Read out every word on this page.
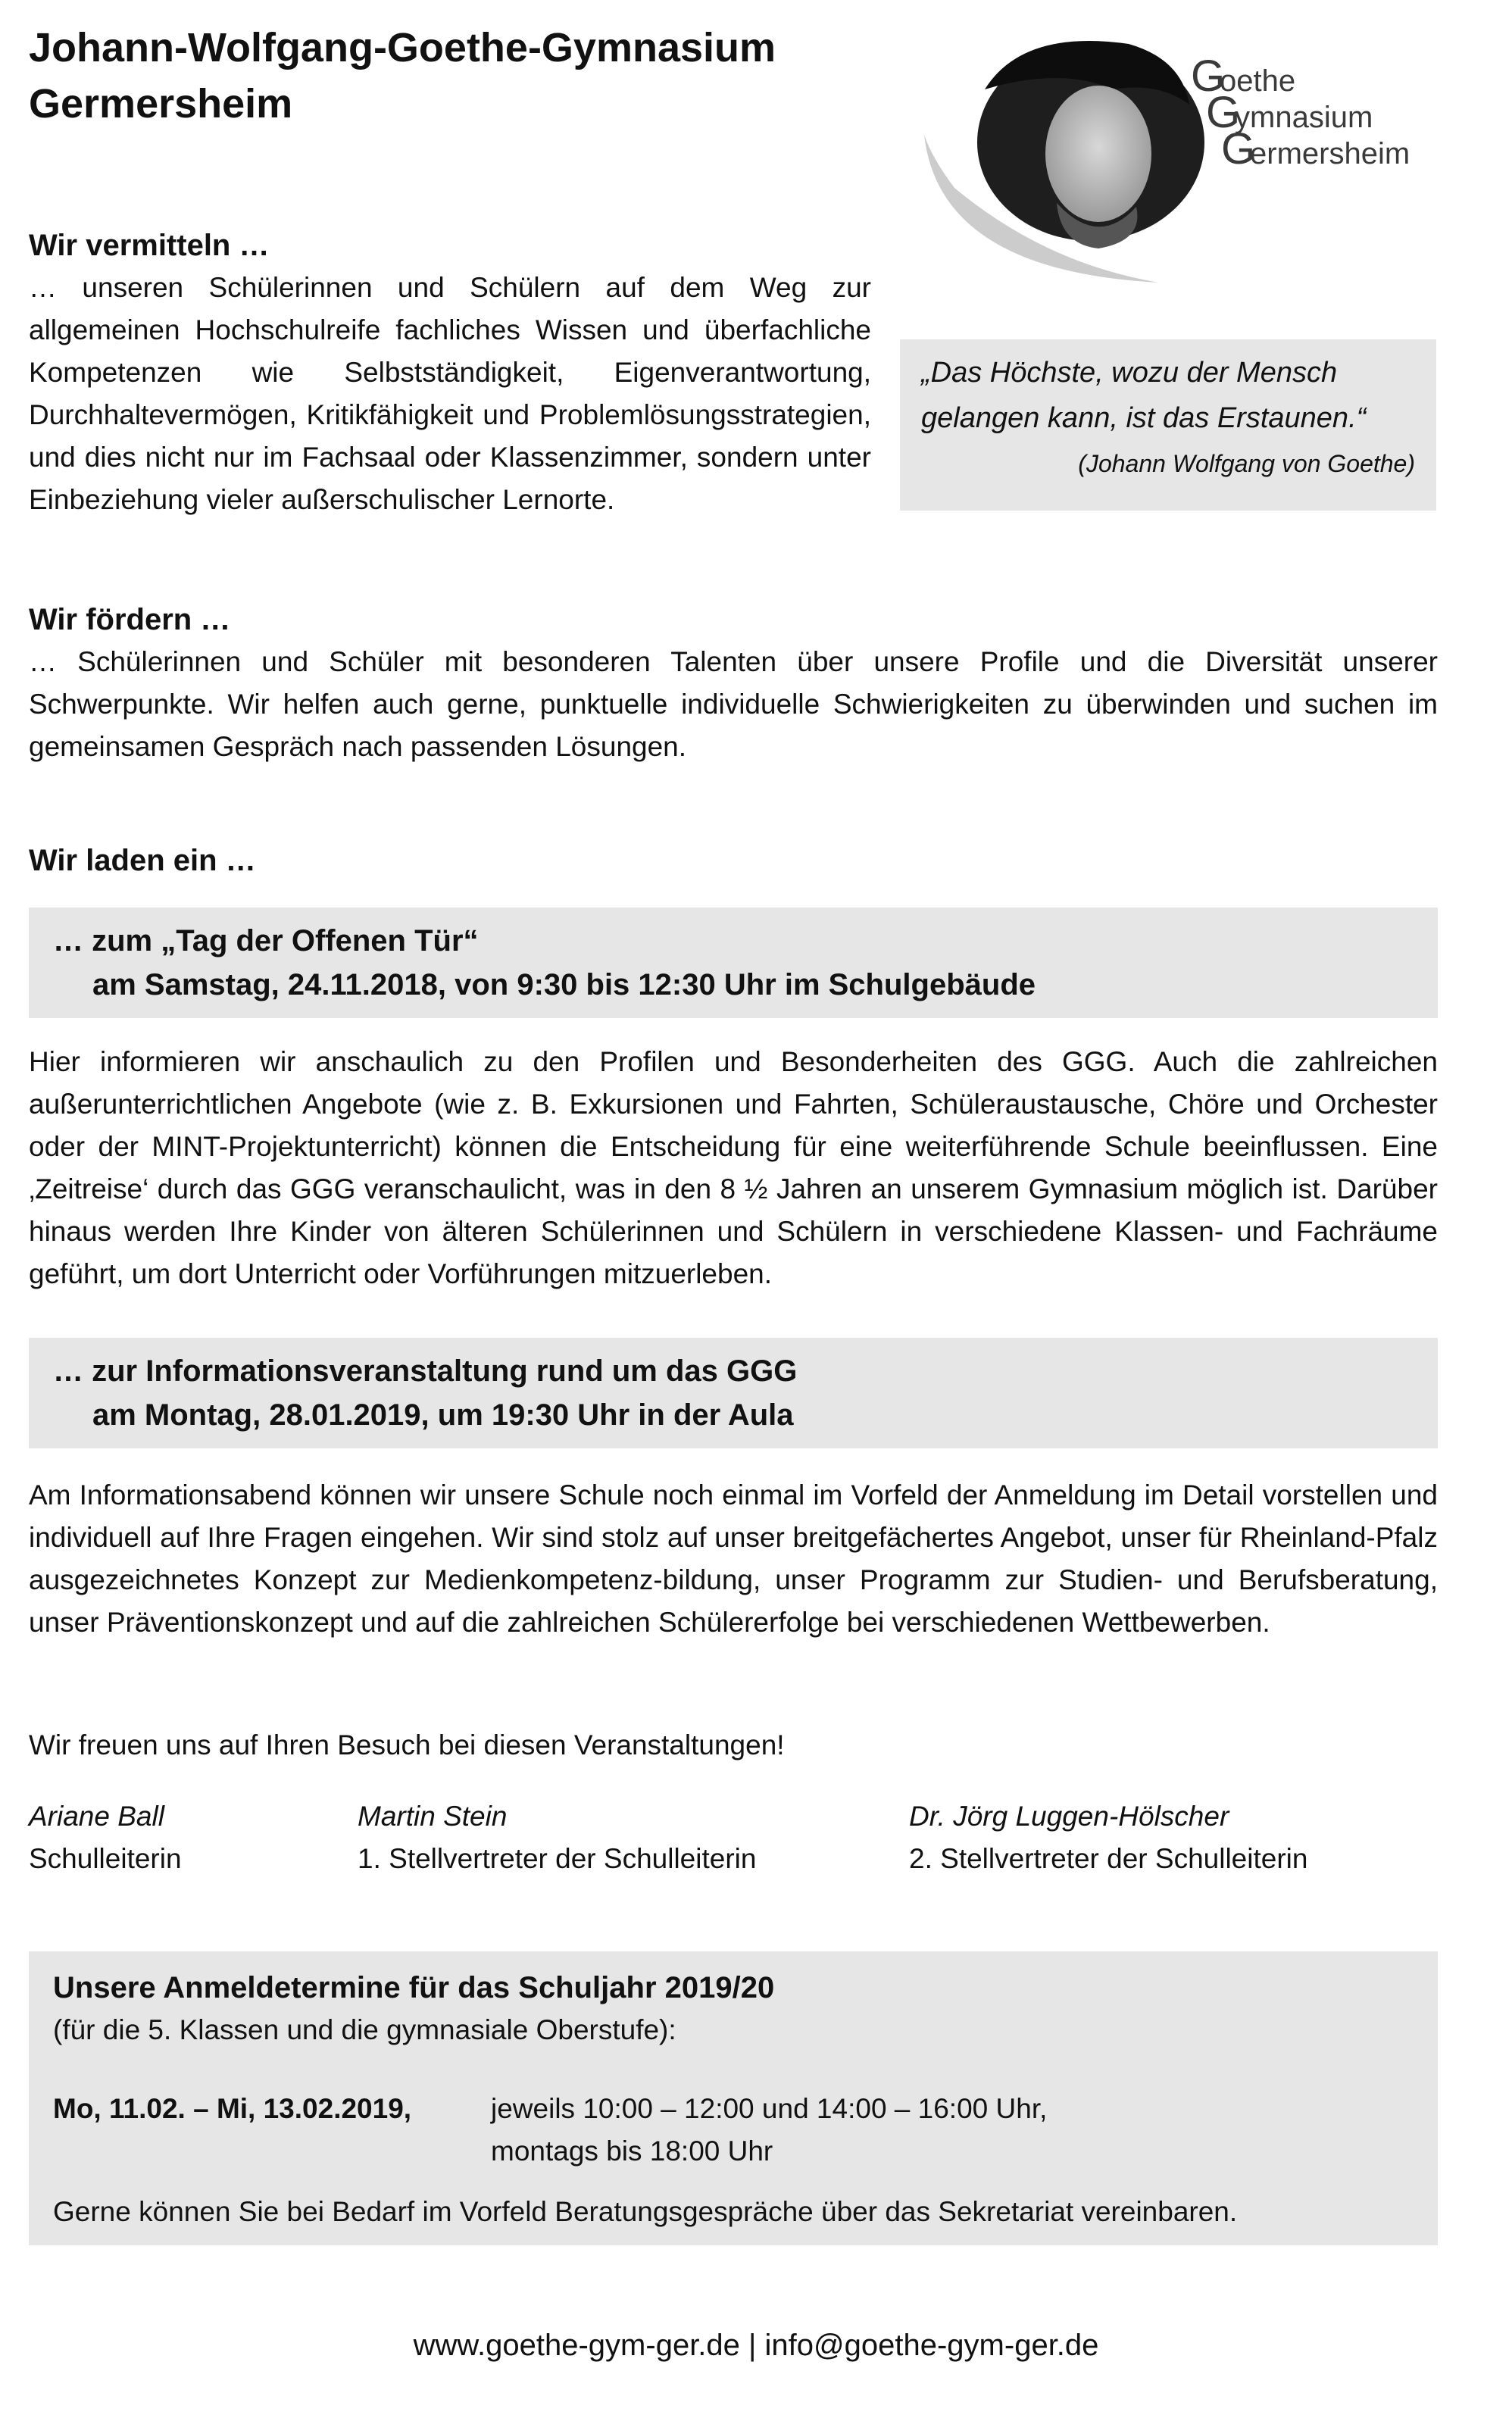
Johann-Wolfgang-Goethe-Gymnasium
Germersheim
G
oethe
G
ymnasium
G
ermersheim
„Das Höchste, wozu der Mensch gelangen kann, ist das Erstaunen.“
(Johann Wolfgang von Goethe)
Wir vermitteln …
… unseren Schülerinnen und Schülern auf dem Weg zur allgemeinen Hochschulreife fachliches Wissen und überfachliche Kompetenzen wie Selbstständigkeit, Eigenverantwortung, Durchhaltevermögen, Kritikfähigkeit und Problemlösungsstrategien, und dies nicht nur im Fachsaal oder Klassenzimmer, sondern unter Einbeziehung vieler außerschulischer Lernorte.
Wir fördern …
… Schülerinnen und Schüler mit besonderen Talenten über unsere Profile und die Diversität unserer Schwerpunkte. Wir helfen auch gerne, punktuelle individuelle Schwierigkeiten zu überwinden und suchen im gemeinsamen Gespräch nach passenden Lösungen.
Wir laden ein …
… zum „Tag der Offenen Tür“
am Samstag, 24.11.2018, von 9:30 bis 12:30 Uhr im Schulgebäude
Hier informieren wir anschaulich zu den Profilen und Besonderheiten des GGG. Auch die zahlreichen außerunterrichtlichen Angebote (wie z. B. Exkursionen und Fahrten, Schüleraustausche, Chöre und Orchester oder der MINT-Projektunterricht) können die Entscheidung für eine weiterführende Schule beeinflussen. Eine ‚Zeitreise‘ durch das GGG veranschaulicht, was in den 8 ½ Jahren an unserem Gymnasium möglich ist. Darüber hinaus werden Ihre Kinder von älteren Schülerinnen und Schülern in verschiedene Klassen- und Fachräume geführt, um dort Unterricht oder Vorführungen mitzuerleben.
… zur Informationsveranstaltung rund um das GGG
am Montag, 28.01.2019, um 19:30 Uhr in der Aula
Am Informationsabend können wir unsere Schule noch einmal im Vorfeld der Anmeldung im Detail vorstellen und individuell auf Ihre Fragen eingehen. Wir sind stolz auf unser breitgefächertes Angebot, unser für Rheinland-Pfalz ausgezeichnetes Konzept zur Medienkompetenz-bildung, unser Programm zur Studien- und Berufsberatung, unser Präventionskonzept und auf die zahlreichen Schülererfolge bei verschiedenen Wettbewerben.
Wir freuen uns auf Ihren Besuch bei diesen Veranstaltungen!
Ariane Ball
Schulleiterin
Martin Stein
1. Stellvertreter der Schulleiterin
Dr. Jörg Luggen-Hölscher
2. Stellvertreter der Schulleiterin
Unsere Anmeldetermine für das Schuljahr 2019/20
(für die 5. Klassen und die gymnasiale Oberstufe):
Mo, 11.02. – Mi, 13.02.2019,	jeweils 10:00 – 12:00 und 14:00 – 16:00 Uhr,
montags bis 18:00 Uhr
Gerne können Sie bei Bedarf im Vorfeld Beratungsgespräche über das Sekretariat vereinbaren.
www.goethe-gym-ger.de | info@goethe-gym-ger.de
